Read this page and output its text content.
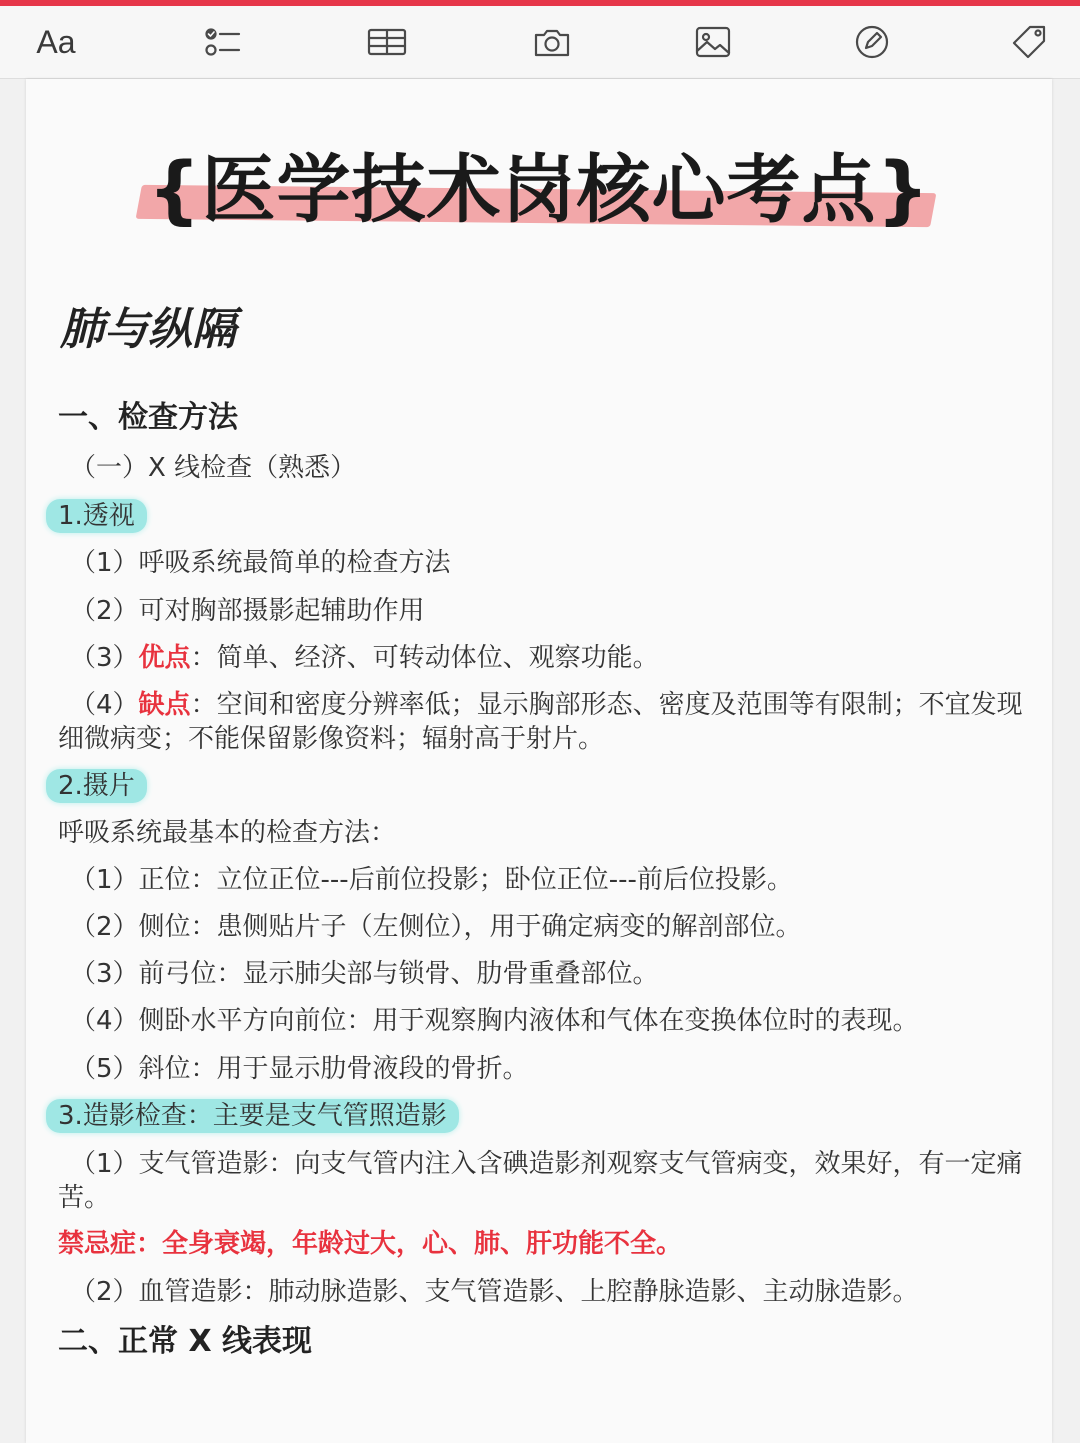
Aa
{医学技术岗核心考点}
肺与纵隔
一、检查方法
（一）X 线检查（熟悉）
1.透视
（1）呼吸系统最简单的检查方法
（2）可对胸部摄影起辅助作用
（3）优点：简单、经济、可转动体位、观察功能。
（4）缺点：空间和密度分辨率低；显示胸部形态、密度及范围等有限制；不宜发现细微病变；不能保留影像资料；辐射高于射片。
2.摄片
呼吸系统最基本的检查方法：
（1）正位：立位正位---后前位投影；卧位正位---前后位投影。
（2）侧位：患侧贴片子（左侧位），用于确定病变的解剖部位。
（3）前弓位：显示肺尖部与锁骨、肋骨重叠部位。
（4）侧卧水平方向前位：用于观察胸内液体和气体在变换体位时的表现。
（5）斜位：用于显示肋骨液段的骨折。
3.造影检查：主要是支气管照造影
（1）支气管造影：向支气管内注入含碘造影剂观察支气管病变，效果好，有一定痛苦。
禁忌症：全身衰竭，年龄过大，心、肺、肝功能不全。
（2）血管造影：肺动脉造影、支气管造影、上腔静脉造影、主动脉造影。
二、正常 X 线表现
